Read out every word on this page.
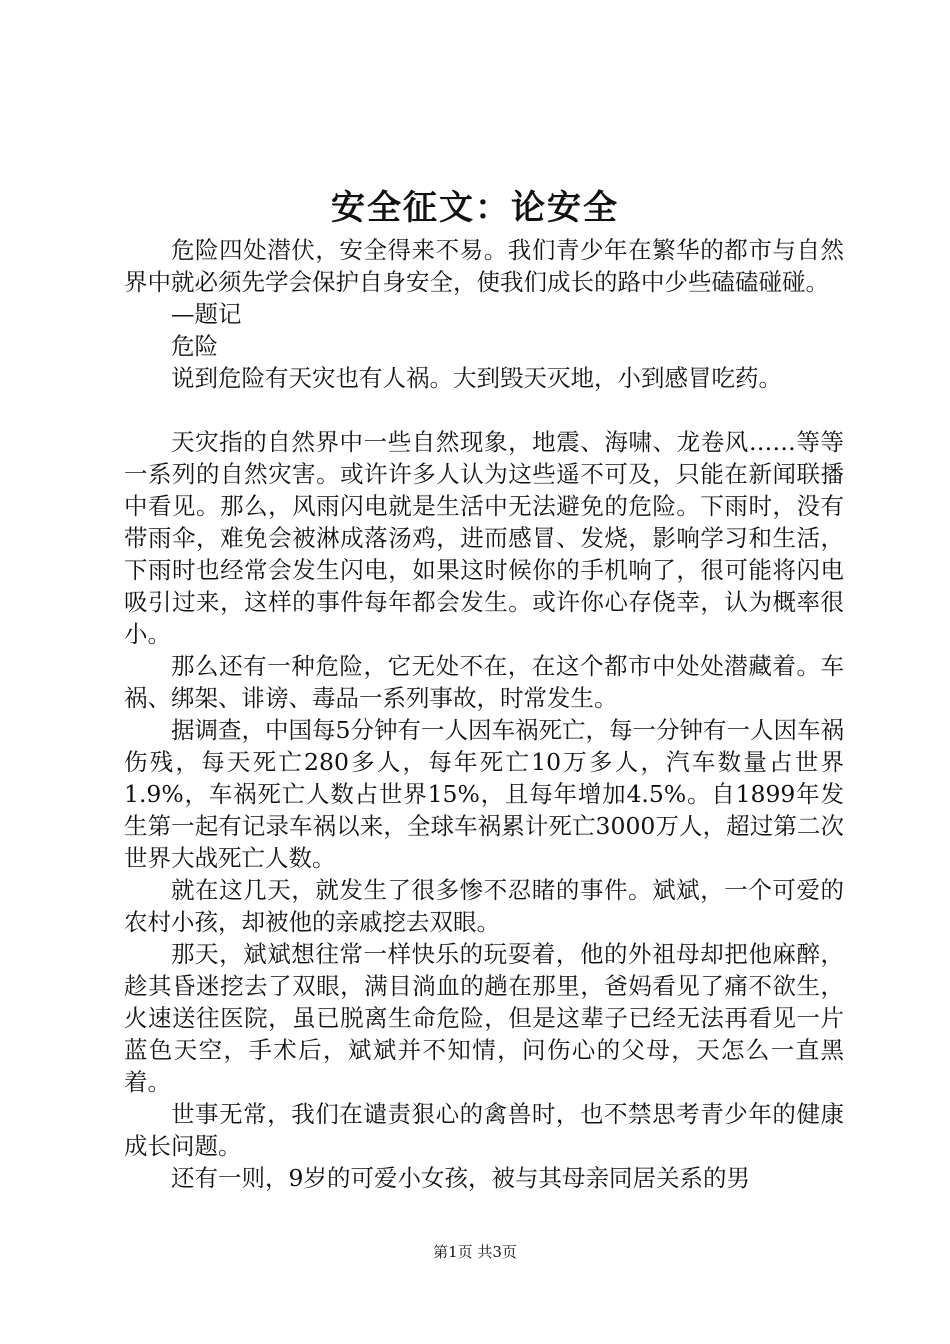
安全征文：论安全

危险四处潜伏，安全得来不易。我们青少年在繁华的都市与自然界中就必须先学会保护自身安全，使我们成长的路中少些磕磕碰碰。

—题记

危险

说到危险有天灾也有人祸。大到毁天灭地，小到感冒吃药。

天灾指的自然界中一些自然现象，地震、海啸、龙卷风……等等一系列的自然灾害。或许许多人认为这些遥不可及，只能在新闻联播中看见。那么，风雨闪电就是生活中无法避免的危险。下雨时，没有带雨伞，难免会被淋成落汤鸡，进而感冒、发烧，影响学习和生活，下雨时也经常会发生闪电，如果这时候你的手机响了，很可能将闪电吸引过来，这样的事件每年都会发生。或许你心存侥幸，认为概率很小。

那么还有一种危险，它无处不在，在这个都市中处处潜藏着。车祸、绑架、诽谤、毒品一系列事故，时常发生。

据调查，中国每5分钟有一人因车祸死亡，每一分钟有一人因车祸伤残，每天死亡280多人，每年死亡10万多人，汽车数量占世界1.9%，车祸死亡人数占世界15%，且每年增加4.5%。自1899年发生第一起有记录车祸以来，全球车祸累计死亡3000万人，超过第二次世界大战死亡人数。

就在这几天，就发生了很多惨不忍睹的事件。斌斌，一个可爱的农村小孩，却被他的亲戚挖去双眼。

那天，斌斌想往常一样快乐的玩耍着，他的外祖母却把他麻醉，趁其昏迷挖去了双眼，满目淌血的趟在那里，爸妈看见了痛不欲生，火速送往医院，虽已脱离生命危险，但是这辈子已经无法再看见一片蓝色天空，手术后，斌斌并不知情，问伤心的父母，天怎么一直黑着。

世事无常，我们在谴责狠心的禽兽时，也不禁思考青少年的健康成长问题。

还有一则，9岁的可爱小女孩，被与其母亲同居关系的男

第1页 共3页
